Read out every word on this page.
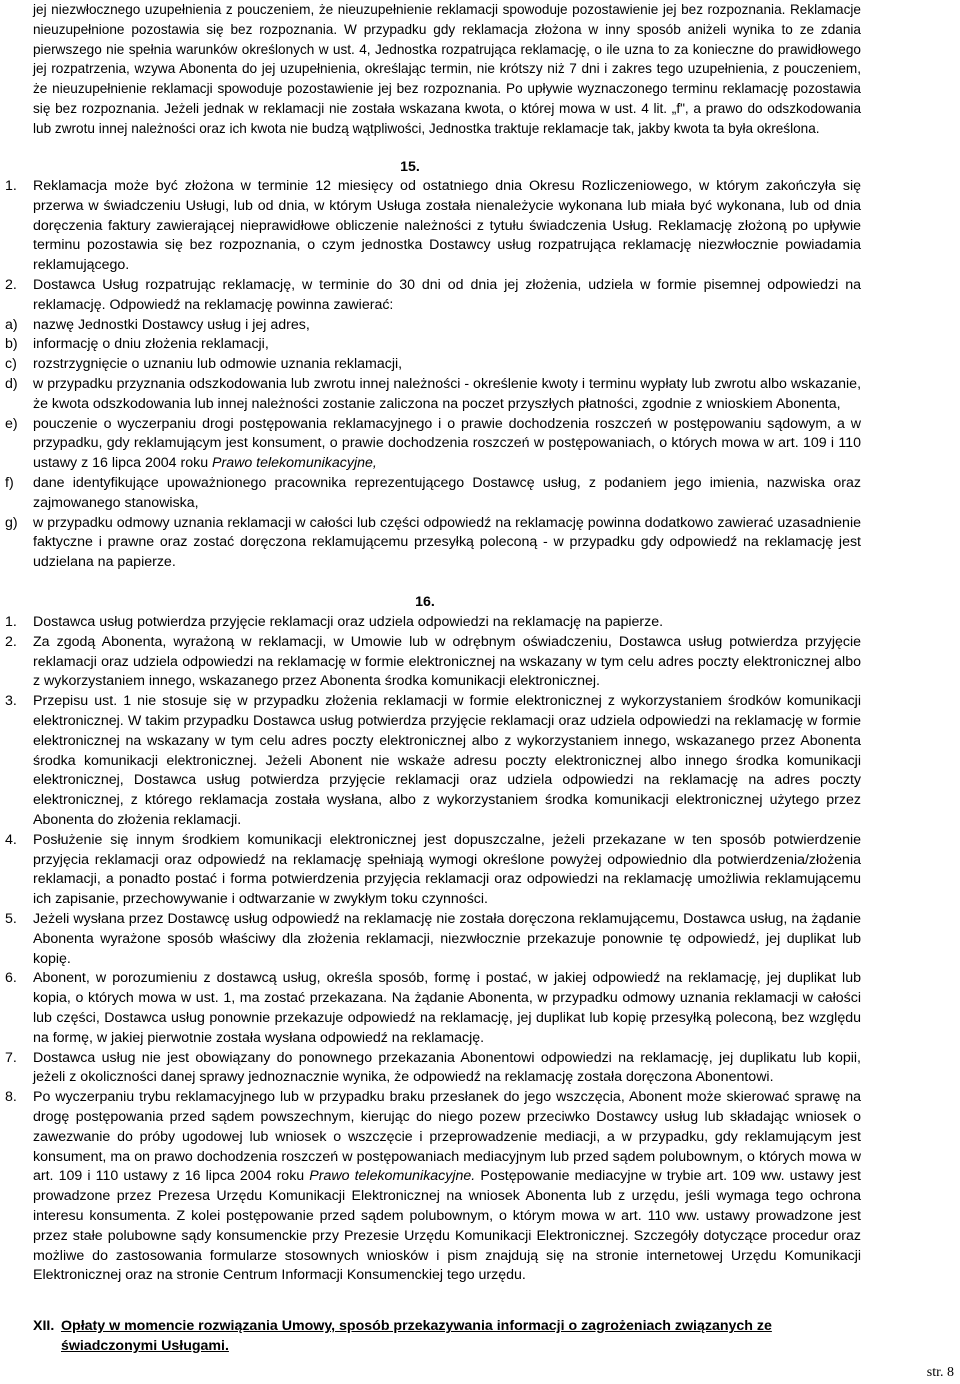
jej niezwłocznego uzupełnienia z pouczeniem, że nieuzupełnienie reklamacji spowoduje pozostawienie jej bez rozpoznania. Reklamacje nieuzupełnione pozostawia się bez rozpoznania. W przypadku gdy reklamacja złożona w inny sposób aniżeli wynika to ze zdania pierwszego nie spełnia warunków określonych w ust. 4, Jednostka rozpatrująca reklamację, o ile uzna to za konieczne do prawidłowego jej rozpatrzenia, wzywa Abonenta do jej uzupełnienia, określając termin, nie krótszy niż 7 dni i zakres tego uzupełnienia, z pouczeniem, że nieuzupełnienie reklamacji spowoduje pozostawienie jej bez rozpoznania. Po upływie wyznaczonego terminu reklamację pozostawia się bez rozpoznania. Jeżeli jednak w reklamacji nie została wskazana kwota, o której mowa w ust. 4 lit. „f", a prawo do odszkodowania lub zwrotu innej należności oraz ich kwota nie budzą wątpliwości, Jednostka traktuje reklamacje tak, jakby kwota ta była określona.

15.
1. Reklamacja może być złożona w terminie 12 miesięcy od ostatniego dnia Okresu Rozliczeniowego, w którym zakończyła się przerwa w świadczeniu Usługi, lub od dnia, w którym Usługa została nienależycie wykonana lub miała być wykonana, lub od dnia doręczenia faktury zawierającej nieprawidłowe obliczenie należności z tytułu świadczenia Usług. Reklamację złożoną po upływie terminu pozostawia się bez rozpoznania, o czym jednostka Dostawcy usług rozpatrująca reklamację niezwłocznie powiadamia reklamującego.
2. Dostawca Usług rozpatrując reklamację, w terminie do 30 dni od dnia jej złożenia, udziela w formie pisemnej odpowiedzi na reklamację. Odpowiedź na reklamację powinna zawierać:
a) nazwę Jednostki Dostawcy usług i jej adres,
b) informację o dniu złożenia reklamacji,
c) rozstrzygnięcie o uznaniu lub odmowie uznania reklamacji,
d) w przypadku przyznania odszkodowania lub zwrotu innej należności - określenie kwoty i terminu wypłaty lub zwrotu albo wskazanie, że kwota odszkodowania lub innej należności zostanie zaliczona na poczet przyszłych płatności, zgodnie z wnioskiem Abonenta,
e) pouczenie o wyczerpaniu drogi postępowania reklamacyjnego i o prawie dochodzenia roszczeń w postępowaniu sądowym, a w przypadku, gdy reklamującym jest konsument, o prawie dochodzenia roszczeń w postępowaniach, o których mowa w art. 109 i 110 ustawy z 16 lipca 2004 roku Prawo telekomunikacyjne,
f) dane identyfikujące upoważnionego pracownika reprezentującego Dostawcę usług, z podaniem jego imienia, nazwiska oraz zajmowanego stanowiska,
g) w przypadku odmowy uznania reklamacji w całości lub części odpowiedź na reklamację powinna dodatkowo zawierać uzasadnienie faktyczne i prawne oraz zostać doręczona reklamującemu przesyłką poleconą - w przypadku gdy odpowiedź na reklamację jest udzielana na papierze.
16.
1. Dostawca usług potwierdza przyjęcie reklamacji oraz udziela odpowiedzi na reklamację na papierze.
2. Za zgodą Abonenta, wyrażoną w reklamacji, w Umowie lub w odrębnym oświadczeniu, Dostawca usług potwierdza przyjęcie reklamacji oraz udziela odpowiedzi na reklamację w formie elektronicznej na wskazany w tym celu adres poczty elektronicznej albo z wykorzystaniem innego, wskazanego przez Abonenta środka komunikacji elektronicznej.
3. Przepisu ust. 1 nie stosuje się w przypadku złożenia reklamacji w formie elektronicznej z wykorzystaniem środków komunikacji elektronicznej. W takim przypadku Dostawca usług potwierdza przyjęcie reklamacji oraz udziela odpowiedzi na reklamację w formie elektronicznej na wskazany w tym celu adres poczty elektronicznej albo z wykorzystaniem innego, wskazanego przez Abonenta środka komunikacji elektronicznej. Jeżeli Abonent nie wskaże adresu poczty elektronicznej albo innego środka komunikacji elektronicznej, Dostawca usług potwierdza przyjęcie reklamacji oraz udziela odpowiedzi na reklamację na adres poczty elektronicznej, z którego reklamacja została wysłana, albo z wykorzystaniem środka komunikacji elektronicznej użytego przez Abonenta do złożenia reklamacji.
4. Posłużenie się innym środkiem komunikacji elektronicznej jest dopuszczalne, jeżeli przekazane w ten sposób potwierdzenie przyjęcia reklamacji oraz odpowiedź na reklamację spełniają wymogi określone powyżej odpowiednio dla potwierdzenia/złożenia reklamacji, a ponadto postać i forma potwierdzenia przyjęcia reklamacji oraz odpowiedzi na reklamację umożliwia reklamującemu ich zapisanie, przechowywanie i odtwarzanie w zwykłym toku czynności.
5. Jeżeli wysłana przez Dostawcę usług odpowiedź na reklamację nie została doręczona reklamującemu, Dostawca usług, na żądanie Abonenta wyrażone sposób właściwy dla złożenia reklamacji, niezwłocznie przekazuje ponownie tę odpowiedź, jej duplikat lub kopię.
6. Abonent, w porozumieniu z dostawcą usług, określa sposób, formę i postać, w jakiej odpowiedź na reklamację, jej duplikat lub kopia, o których mowa w ust. 1, ma zostać przekazana. Na żądanie Abonenta, w przypadku odmowy uznania reklamacji w całości lub części, Dostawca usług ponownie przekazuje odpowiedź na reklamację, jej duplikat lub kopię przesyłką poleconą, bez względu na formę, w jakiej pierwotnie została wysłana odpowiedź na reklamację.
7. Dostawca usług nie jest obowiązany do ponownego przekazania Abonentowi odpowiedzi na reklamację, jej duplikatu lub kopii, jeżeli z okoliczności danej sprawy jednoznacznie wynika, że odpowiedź na reklamację została doręczona Abonentowi.
8. Po wyczerpaniu trybu reklamacyjnego lub w przypadku braku przesłanek do jego wszczęcia, Abonent może skierować sprawę na drogę postępowania przed sądem powszechnym, kierując do niego pozew przeciwko Dostawcy usług lub składając wniosek o zawezwanie do próby ugodowej lub wniosek o wszczęcie i przeprowadzenie mediacji, a w przypadku, gdy reklamującym jest konsument, ma on prawo dochodzenia roszczeń w postępowaniach mediacyjnym lub przed sądem polubownym, o których mowa w art. 109 i 110 ustawy z 16 lipca 2004 roku Prawo telekomunikacyjne. Postępowanie mediacyjne w trybie art. 109 ww. ustawy jest prowadzone przez Prezesa Urzędu Komunikacji Elektronicznej na wniosek Abonenta lub z urzędu, jeśli wymaga tego ochrona interesu konsumenta. Z kolei postępowanie przed sądem polubownym, o którym mowa w art. 110 ww. ustawy prowadzone jest przez stałe polubowne sądy konsumenckie przy Prezesie Urzędu Komunikacji Elektronicznej. Szczegóły dotyczące procedur oraz możliwe do zastosowania formularze stosownych wniosków i pism znajdują się na stronie internetowej Urzędu Komunikacji Elektronicznej oraz na stronie Centrum Informacji Konsumenckiej tego urzędu.
XII. Opłaty w momencie rozwiązania Umowy, sposób przekazywania informacji o zagrożeniach związanych ze świadczonymi Usługami.
str. 8
